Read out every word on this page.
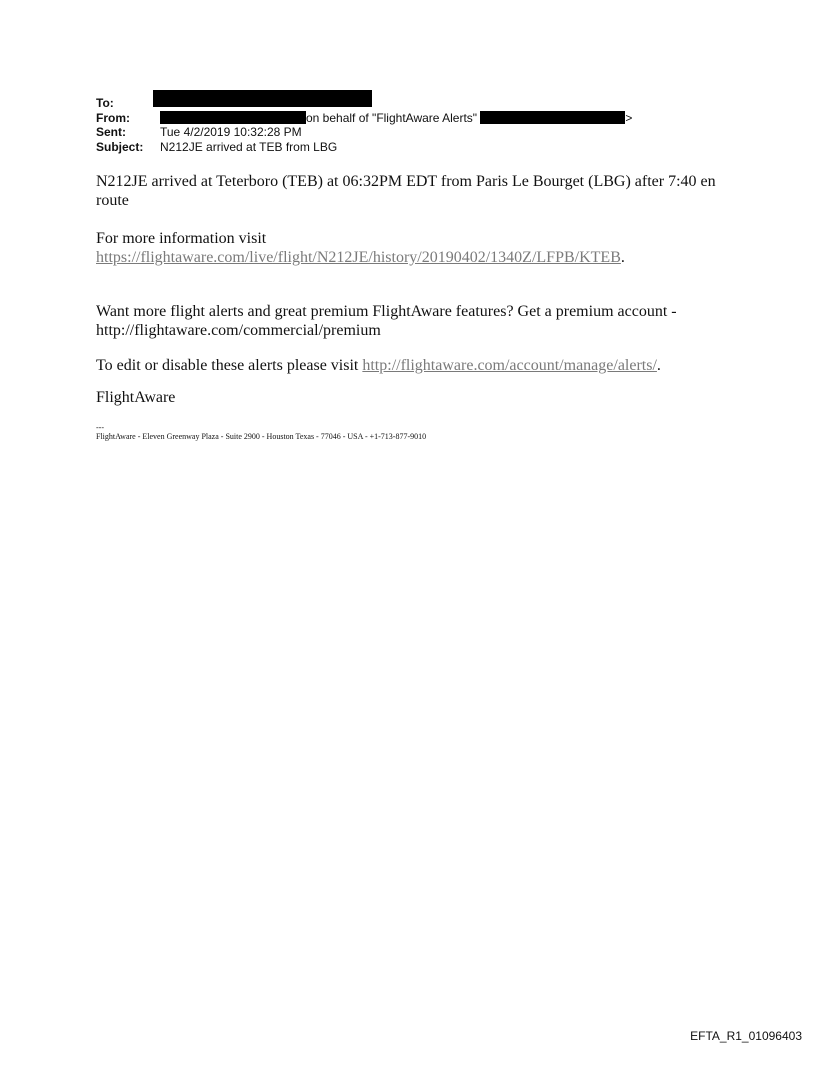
To:
From:	on behalf of "FlightAware Alerts"	>
Sent:	Tue 4/2/2019 10:32:28 PM
Subject: N212JE arrived at TEB from LBG

N212JE arrived at Teterboro (TEB) at 06:32PM EDT from Paris Le Bourget (LBG) after 7:40 en route

For more information visit
https://flightaware.com/live/flight/N212JE/history/20190402/1340Z/LFPB/KTEB.

Want more flight alerts and great premium FlightAware features? Get a premium account - http://flightaware.com/commercial/premium

To edit or disable these alerts please visit http://flightaware.com/account/manage/alerts/.

FlightAware

---
FlightAware - Eleven Greenway Plaza - Suite 2900 - Houston Texas - 77046 - USA - +1-713-877-9010
EFTA_R1_01096403
